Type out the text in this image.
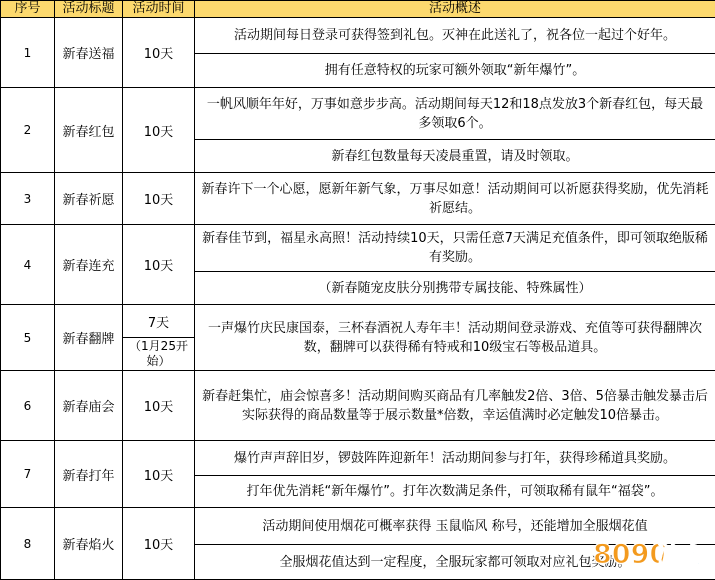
序号	活动标题	活动时间	活动概述
1	新春送福	10天	活动期间每日登录可获得签到礼包。灭神在此送礼了，祝各位一起过个好年。
			拥有任意特权的玩家可额外领取“新年爆竹”。
2	新春红包	10天	一帆风顺年年好，万事如意步步高。活动期间每天12和18点发放3个新春红包，每天最多领取6个。
			新春红包数量每天凌晨重置，请及时领取。
3	新春祈愿	10天	新春许下一个心愿，愿新年新气象，万事尽如意！活动期间可以祈愿获得奖励，优先消耗祈愿结。
4	新春连充	10天	新春佳节到，福星永高照！活动持续10天，只需任意7天满足充值条件，即可领取绝版稀有奖励。
			（新春随宠皮肤分别携带专属技能、特殊属性）
5	新春翻牌	7天	一声爆竹庆民康国泰，三杯春酒祝人寿年丰！活动期间登录游戏、充值等可获得翻牌次数，翻牌可以获得稀有特戒和10级宝石等极品道具。

		（1月25开始）	

6	新春庙会	10天	新春赶集忙，庙会惊喜多！活动期间购买商品有几率触发2倍、3倍、5倍暴击触发暴击后实际获得的商品数量等于展示数量*倍数，幸运值满时必定触发10倍暴击。
7	新春打年	10天	爆竹声声辞旧岁，锣鼓阵阵迎新年！活动期间参与打年，获得珍稀道具奖励。
			打年优先消耗“新年爆竹”。打年次数满足条件，可领取稀有鼠年“福袋”。
8	新春焰火	10天	活动期间使用烟花可概率获得 玉鼠临风 称号，还能增加全服烟花值
			全服烟花值达到一定程度，全服玩家都可领取对应礼包奖励。
8090
游戏
